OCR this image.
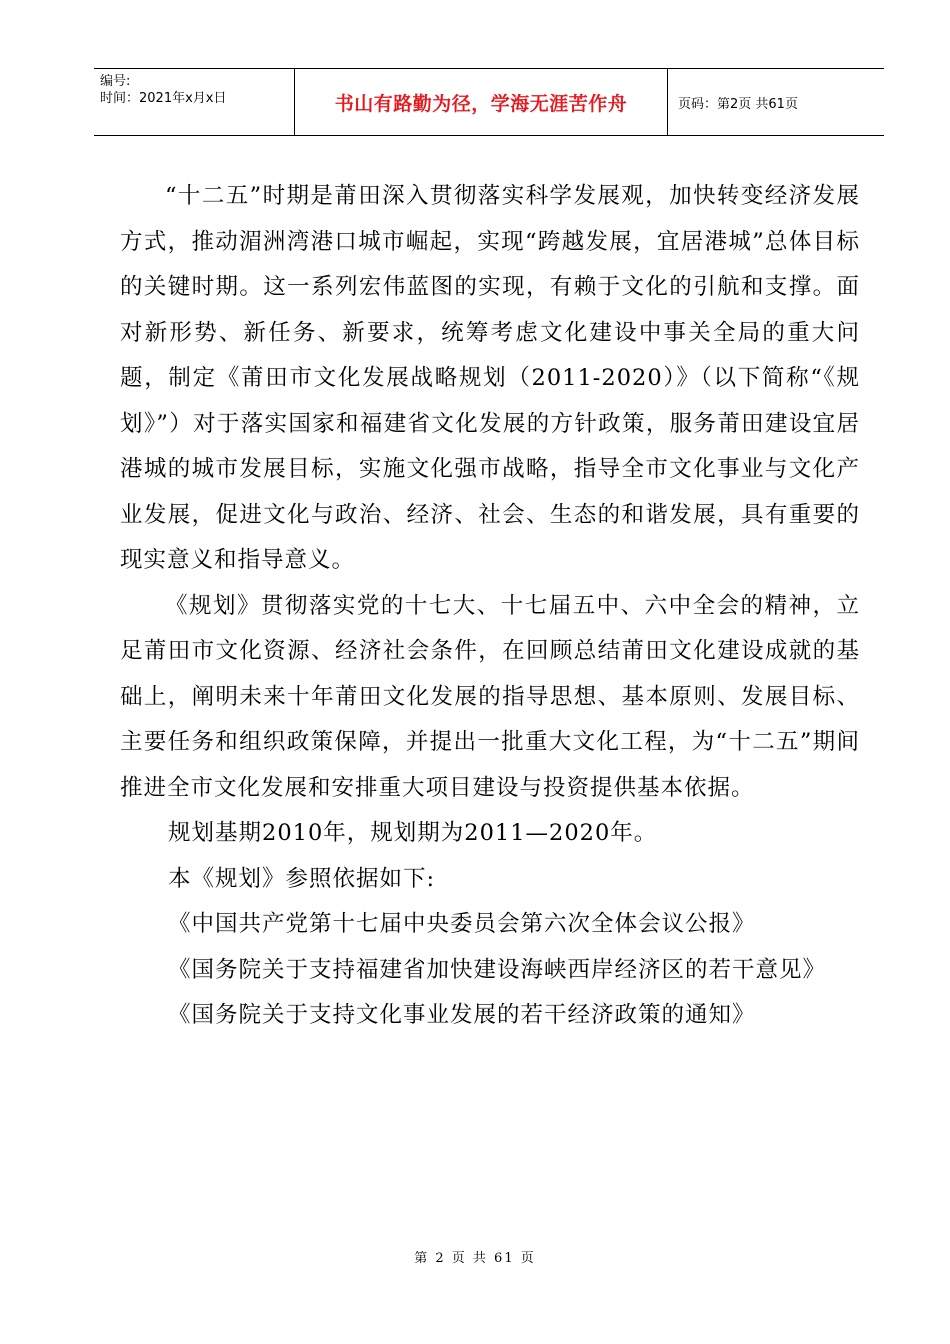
编号:
时间：2021年x月x日	书山有路勤为径，学海无涯苦作舟	页码：第2页 共61页

“十二五”时期是莆田深入贯彻落实科学发展观，加快转变经济发展方式，推动湄洲湾港口城市崛起，实现“跨越发展，宜居港城”总体目标的关键时期。这一系列宏伟蓝图的实现，有赖于文化的引航和支撑。面对新形势、新任务、新要求，统筹考虑文化建设中事关全局的重大问题，制定《莆田市文化发展战略规划（2011-2020）》（以下简称“《规划》”）对于落实国家和福建省文化发展的方针政策，服务莆田建设宜居港城的城市发展目标，实施文化强市战略，指导全市文化事业与文化产业发展，促进文化与政治、经济、社会、生态的和谐发展，具有重要的现实意义和指导意义。

《规划》贯彻落实党的十七大、十七届五中、六中全会的精神，立足莆田市文化资源、经济社会条件，在回顾总结莆田文化建设成就的基础上，阐明未来十年莆田文化发展的指导思想、基本原则、发展目标、主要任务和组织政策保障，并提出一批重大文化工程，为“十二五”期间推进全市文化发展和安排重大项目建设与投资提供基本依据。

规划基期2010年，规划期为2011—2020年。

本《规划》参照依据如下:

《中国共产党第十七届中央委员会第六次全体会议公报》

《国务院关于支持福建省加快建设海峡西岸经济区的若干意见》

《国务院关于支持文化事业发展的若干经济政策的通知》

第 2 页 共 61 页
